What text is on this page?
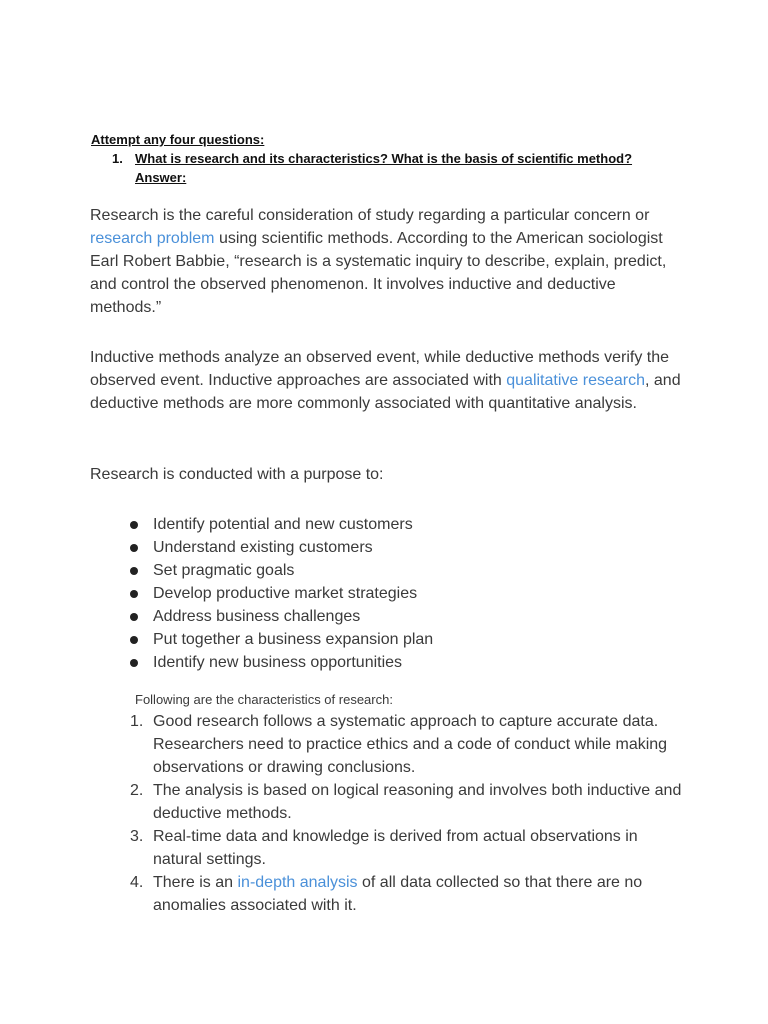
Attempt any four questions:
1. What is research and its characteristics? What is the basis of scientific method?
Answer:

Research is the careful consideration of study regarding a particular concern or research problem using scientific methods. According to the American sociologist Earl Robert Babbie, “research is a systematic inquiry to describe, explain, predict, and control the observed phenomenon. It involves inductive and deductive methods.”

Inductive methods analyze an observed event, while deductive methods verify the observed event. Inductive approaches are associated with qualitative research, and deductive methods are more commonly associated with quantitative analysis.

Research is conducted with a purpose to:

Identify potential and new customers
Understand existing customers
Set pragmatic goals
Develop productive market strategies
Address business challenges
Put together a business expansion plan
Identify new business opportunities
Following are the characteristics of research:
1. Good research follows a systematic approach to capture accurate data. Researchers need to practice ethics and a code of conduct while making observations or drawing conclusions.
2. The analysis is based on logical reasoning and involves both inductive and deductive methods.
3. Real-time data and knowledge is derived from actual observations in natural settings.
4. There is an in-depth analysis of all data collected so that there are no anomalies associated with it.
